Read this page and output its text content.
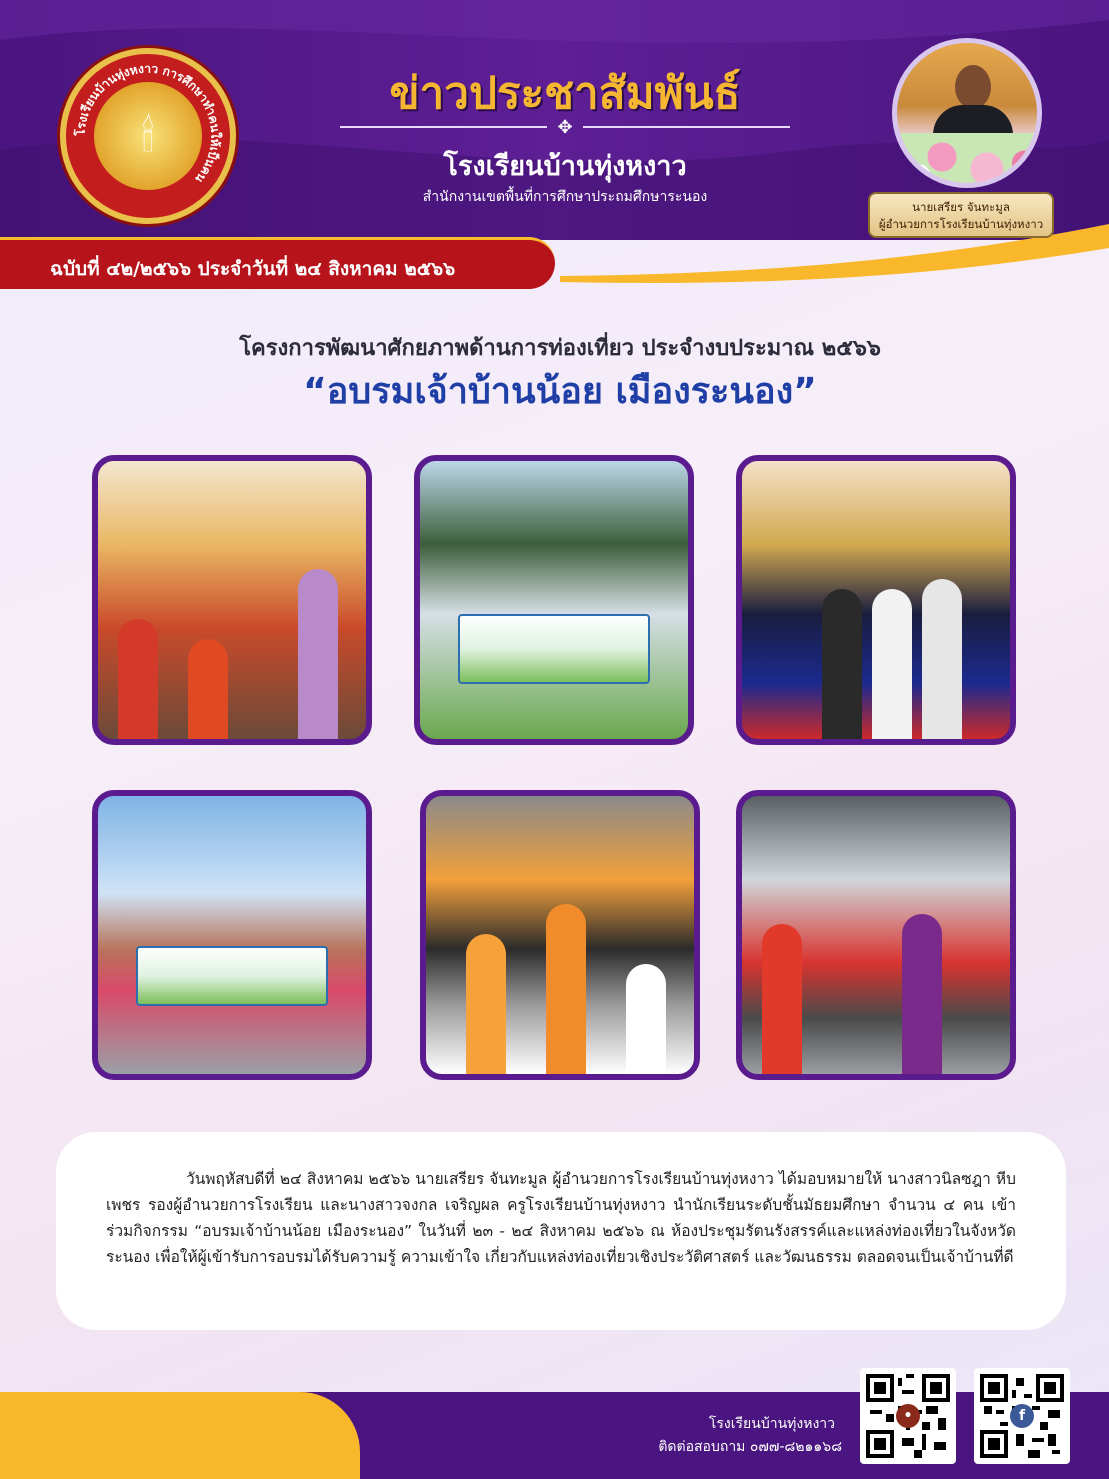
โรงเรียนบ้านทุ่งหงาว การศึกษาทำคนให้เป็นคน
🕯
ข่าวประชาสัมพันธ์
✥
โรงเรียนบ้านทุ่งหงาว
สำนักงานเขตพื้นที่การศึกษาประถมศึกษาระนอง
นายเสรียร จันทะมูล
ผู้อำนวยการโรงเรียนบ้านทุ่งหงาว
ฉบับที่ ๔๒/๒๕๖๖ ประจำวันที่ ๒๔ สิงหาคม ๒๕๖๖
โครงการพัฒนาศักยภาพด้านการท่องเที่ยว ประจำงบประมาณ ๒๕๖๖
“อบรมเจ้าบ้านน้อย เมืองระนอง”

วันพฤหัสบดีที่ ๒๔ สิงหาคม ๒๕๖๖ นายเสรียร จันทะมูล ผู้อำนวยการโรงเรียนบ้านทุ่งหงาว ได้มอบหมายให้ นางสาวนิลซฎา หีบเพชร รองผู้อำนวยการโรงเรียน และนางสาวจงกล เจริญผล ครูโรงเรียนบ้านทุ่งหงาว นำนักเรียนระดับชั้นมัธยมศึกษา จำนวน ๔ คน เข้าร่วมกิจกรรม “อบรมเจ้าบ้านน้อย เมืองระนอง” ในวันที่ ๒๓ - ๒๔ สิงหาคม ๒๕๖๖ ณ ห้องประชุมรัตนรังสรรค์และแหล่งท่องเที่ยวในจังหวัดระนอง เพื่อให้ผู้เข้ารับการอบรมได้รับความรู้ ความเข้าใจ เกี่ยวกับแหล่งท่องเที่ยวเชิงประวัติศาสตร์ และวัฒนธรรม ตลอดจนเป็นเจ้าบ้านที่ดี

โรงเรียนบ้านทุ่งหงาว
ติดต่อสอบถาม ๐๗๗-๘๒๑๑๖๘
•	f
